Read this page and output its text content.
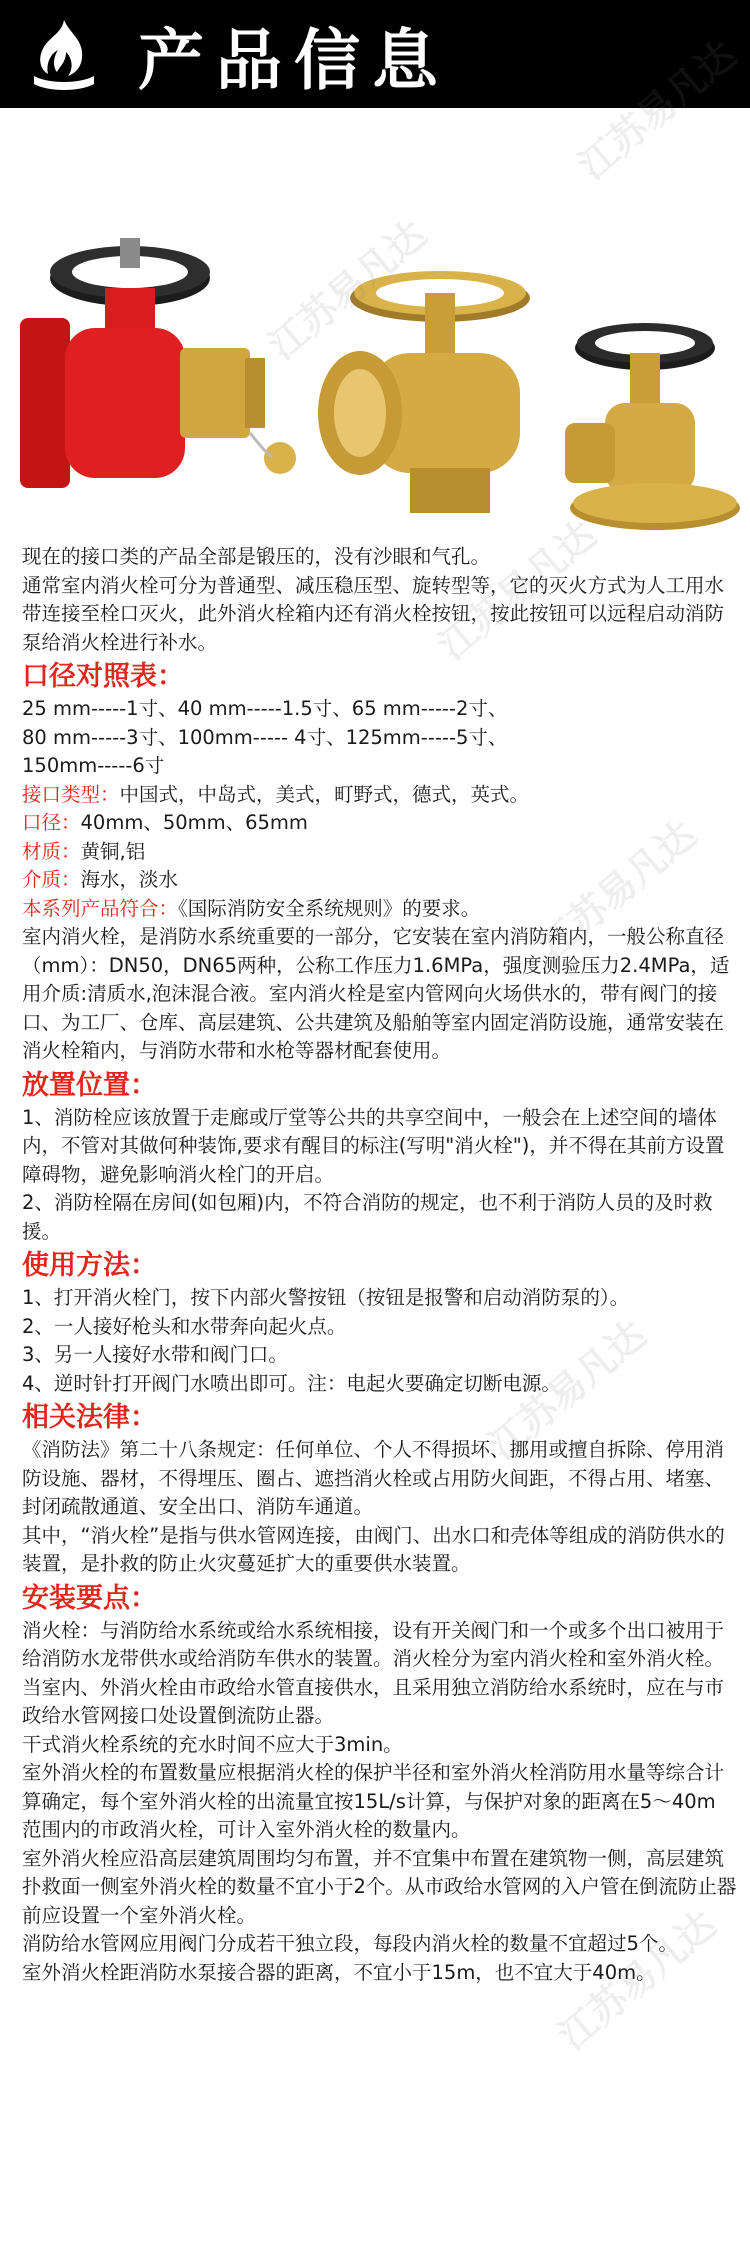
产品信息

现在的接口类的产品全部是锻压的，没有沙眼和气孔。

通常室内消火栓可分为普通型、减压稳压型、旋转型等，它的灭火方式为人工用水带连接至栓口灭火，此外消火栓箱内还有消火栓按钮，按此按钮可以远程启动消防泵给消火栓进行补水。

口径对照表：

25 mm-----1寸、40 mm-----1.5寸、65 mm-----2寸、

80 mm-----3寸、100mm----- 4寸、125mm-----5寸、

150mm-----6寸

接口类型：中国式，中岛式，美式，町野式，德式，英式。

口径：40mm、50mm、65mm

材质：黄铜,铝

介质：海水，淡水

本系列产品符合：《国际消防安全系统规则》的要求。

室内消火栓，是消防水系统重要的一部分，它安装在室内消防箱内，一般公称直径（mm）：DN50，DN65两种，公称工作压力1.6MPa，强度测验压力2.4MPa，适用介质:清质水,泡沫混合液。室内消火栓是室内管网向火场供水的，带有阀门的接口、为工厂、仓库、高层建筑、公共建筑及船舶等室内固定消防设施，通常安装在消火栓箱内，与消防水带和水枪等器材配套使用。

放置位置：

1、消防栓应该放置于走廊或厅堂等公共的共享空间中，一般会在上述空间的墙体内，不管对其做何种装饰,要求有醒目的标注(写明"消火栓")，并不得在其前方设置障碍物，避免影响消火栓门的开启。

2、消防栓隔在房间(如包厢)内，不符合消防的规定，也不利于消防人员的及时救援。

使用方法：

1、打开消火栓门，按下内部火警按钮（按钮是报警和启动消防泵的）。

2、一人接好枪头和水带奔向起火点。

3、另一人接好水带和阀门口。

4、逆时针打开阀门水喷出即可。注：电起火要确定切断电源。

相关法律：

《消防法》第二十八条规定：任何单位、个人不得损坏、挪用或擅自拆除、停用消防设施、器材，不得埋压、圈占、遮挡消火栓或占用防火间距，不得占用、堵塞、封闭疏散通道、安全出口、消防车通道。

其中，“消火栓”是指与供水管网连接，由阀门、出水口和壳体等组成的消防供水的装置，是扑救的防止火灾蔓延扩大的重要供水装置。

安装要点：

消火栓：与消防给水系统或给水系统相接，设有开关阀门和一个或多个出口被用于给消防水龙带供水或给消防车供水的装置。消火栓分为室内消火栓和室外消火栓。

当室内、外消火栓由市政给水管直接供水，且采用独立消防给水系统时，应在与市政给水管网接口处设置倒流防止器。

干式消火栓系统的充水时间不应大于3min。

室外消火栓的布置数量应根据消火栓的保护半径和室外消火栓消防用水量等综合计算确定，每个室外消火栓的出流量宜按15L/s计算，与保护对象的距离在5～40m 范围内的市政消火栓，可计入室外消火栓的数量内。

室外消火栓应沿高层建筑周围均匀布置，并不宜集中布置在建筑物一侧，高层建筑扑救面一侧室外消火栓的数量不宜小于2个。从市政给水管网的入户管在倒流防止器前应设置一个室外消火栓。

消防给水管网应用阀门分成若干独立段，每段内消火栓的数量不宜超过5个。

室外消火栓距消防水泵接合器的距离，不宜小于15m，也不宜大于40m。

江苏易凡达
江苏易凡达
江苏易凡达
江苏易凡达
